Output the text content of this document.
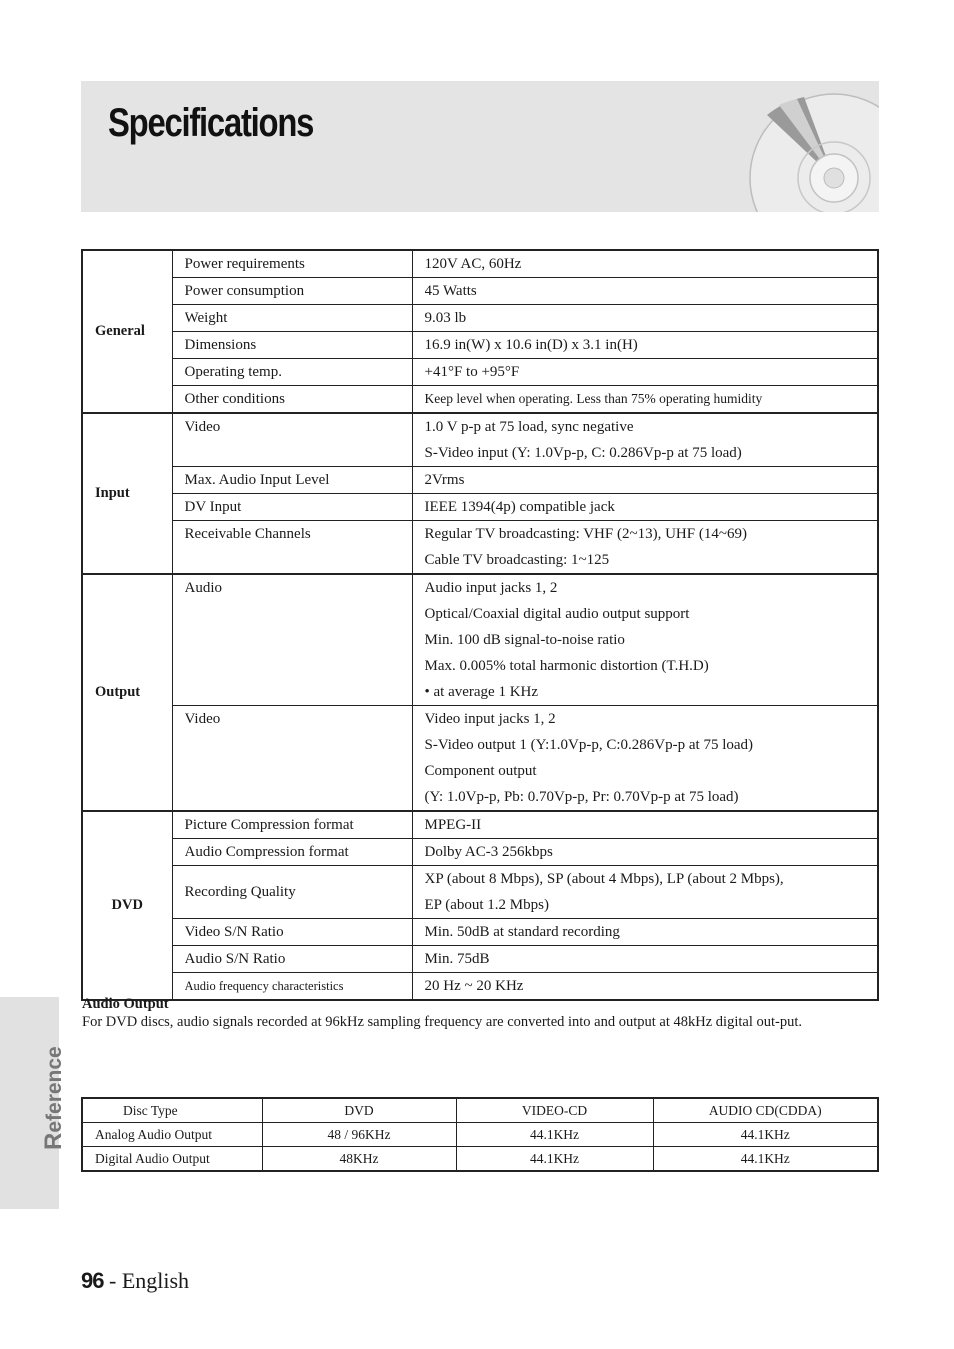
Specifications
General	Power requirements	120V AC, 60Hz

	Power consumption	45 Watts

	Weight	9.03 lb

	Dimensions	16.9 in(W) x 10.6 in(D) x 3.1 in(H)

	Operating temp.	+41°F to +95°F

	Other conditions	Keep level when operating. Less than 75% operating humidity

Input	Video	1.0 V p-p at 75 load, sync negative
S-Video input (Y: 1.0Vp-p, C: 0.286Vp-p at 75 load)

	Max. Audio Input Level	2Vrms

	DV Input	IEEE 1394(4p) compatible jack

	Receivable Channels	Regular TV broadcasting: VHF (2~13), UHF (14~69)
Cable TV broadcasting: 1~125

Output	Audio	Audio input jacks 1, 2
Optical/Coaxial digital audio output support
Min. 100 dB signal-to-noise ratio
Max. 0.005% total harmonic distortion (T.H.D)
• at average 1 KHz

	Video	Video input jacks 1, 2
S-Video output 1 (Y:1.0Vp-p, C:0.286Vp-p at 75 load)
Component output
(Y: 1.0Vp-p, Pb: 0.70Vp-p, Pr: 0.70Vp-p at 75 load)

DVD	Picture Compression format	MPEG-II

	Audio Compression format	Dolby AC-3 256kbps

	Recording Quality	XP (about 8 Mbps), SP (about 4 Mbps), LP (about 2 Mbps),
EP (about 1.2 Mbps)

	Video S/N Ratio	Min. 50dB at standard recording

	Audio S/N Ratio	Min. 75dB

	Audio frequency characteristics	20 Hz ~ 20 KHz
Audio Output
For DVD discs, audio signals recorded at 96kHz sampling frequency are converted into and output at 48kHz digital out-put.
Disc Type	DVD	VIDEO-CD	AUDIO CD(CDDA)
Analog Audio Output	48 / 96KHz	44.1KHz	44.1KHz
Digital Audio Output	48KHz	44.1KHz	44.1KHz
Reference
96 - English
